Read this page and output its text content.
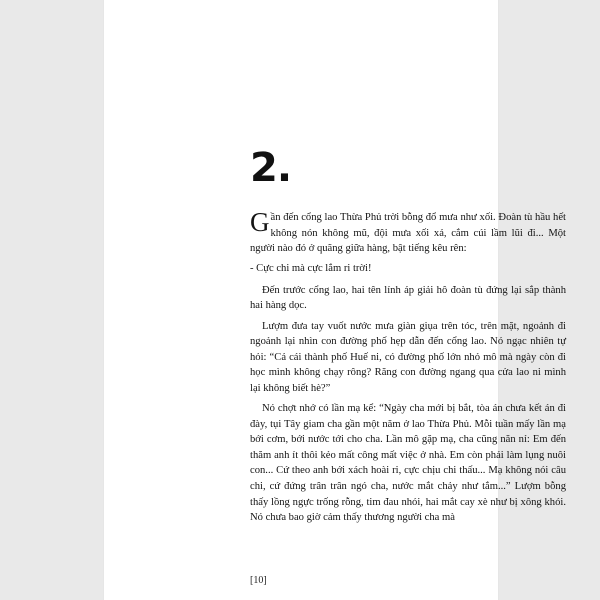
2.

Gần đến cổng lao Thừa Phủ trời bỗng đổ mưa như xối. Đoàn tù hầu hết không nón không mũ, đội mưa xối xả, cắm cúi lầm lũi đi... Một người nào đó ở quãng giữa hàng, bật tiếng kêu rên:

- Cực chi mà cực lắm ri trời!

Đến trước cổng lao, hai tên lính áp giải hô đoàn tù đứng lại sắp thành hai hàng dọc.

Lượm đưa tay vuốt nước mưa giàn giụa trên tóc, trên mặt, ngoảnh đi ngoảnh lại nhìn con đường phố hẹp dẫn đến cổng lao. Nó ngạc nhiên tự hỏi: “Cả cái thành phố Huế ni, có đường phố lớn nhỏ mô mà ngày còn đi học mình không chạy rông? Răng con đường ngang qua cửa lao ni mình lại không biết hè?”

Nó chợt nhớ có lần mạ kể: “Ngày cha mới bị bắt, tòa án chưa kết án đi đày, tụi Tây giam cha gần một năm ở lao Thừa Phủ. Mỗi tuần mấy lần mạ bới cơm, bới nước tới cho cha. Lần mô gặp mạ, cha cũng năn nỉ: Em đến thăm anh ít thôi kẻo mất công mất việc ở nhà. Em còn phải làm lụng nuôi con... Cứ theo anh bới xách hoài ri, cực chịu chi thấu... Mạ không nói câu chi, cứ đứng trân trân ngó cha, nước mắt chảy như tắm...” Lượm bỗng thấy lồng ngực trống rỗng, tim đau nhói, hai mắt cay xè như bị xông khói. Nó chưa bao giờ cảm thấy thương người cha mà

[10]
